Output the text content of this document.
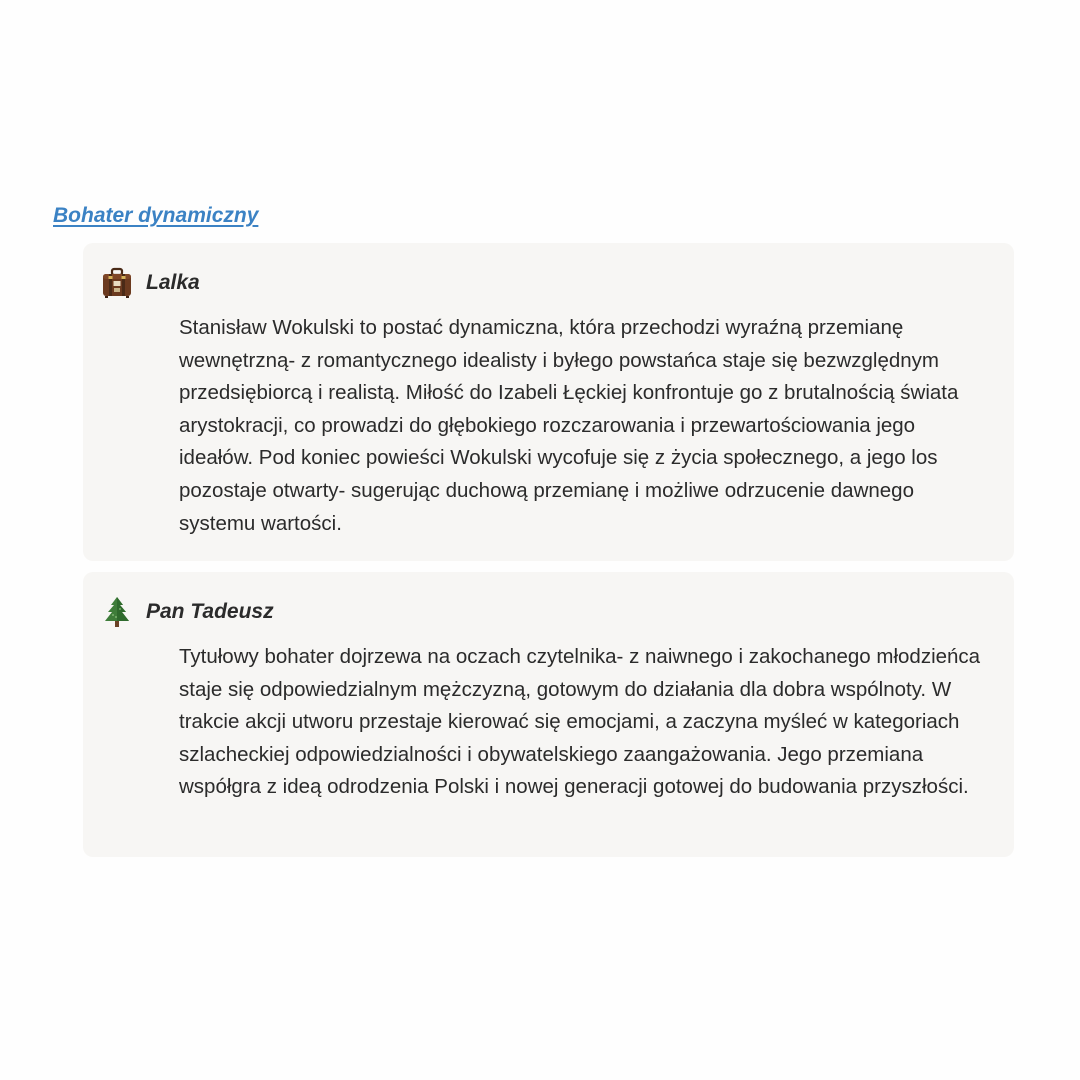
Bohater dynamiczny
Lalka

Stanisław Wokulski to postać dynamiczna, która przechodzi wyraźną przemianę wewnętrzną- z romantycznego idealisty i byłego powstańca staje się bezwzględnym przedsiębiorcą i realistą. Miłość do Izabeli Łęckiej konfrontuje go z brutalnością świata arystokracji, co prowadzi do głębokiego rozczarowania i przewartościowania jego ideałów. Pod koniec powieści Wokulski wycofuje się z życia społecznego, a jego los pozostaje otwarty- sugerując duchową przemianę i możliwe odrzucenie dawnego systemu wartości.

Pan Tadeusz

Tytułowy bohater dojrzewa na oczach czytelnika- z naiwnego i zakochanego młodzieńca staje się odpowiedzialnym mężczyzną, gotowym do działania dla dobra wspólnoty. W trakcie akcji utworu przestaje kierować się emocjami, a zaczyna myśleć w kategoriach szlacheckiej odpowiedzialności i obywatelskiego zaangażowania. Jego przemiana współgra z ideą odrodzenia Polski i nowej generacji gotowej do budowania przyszłości.
